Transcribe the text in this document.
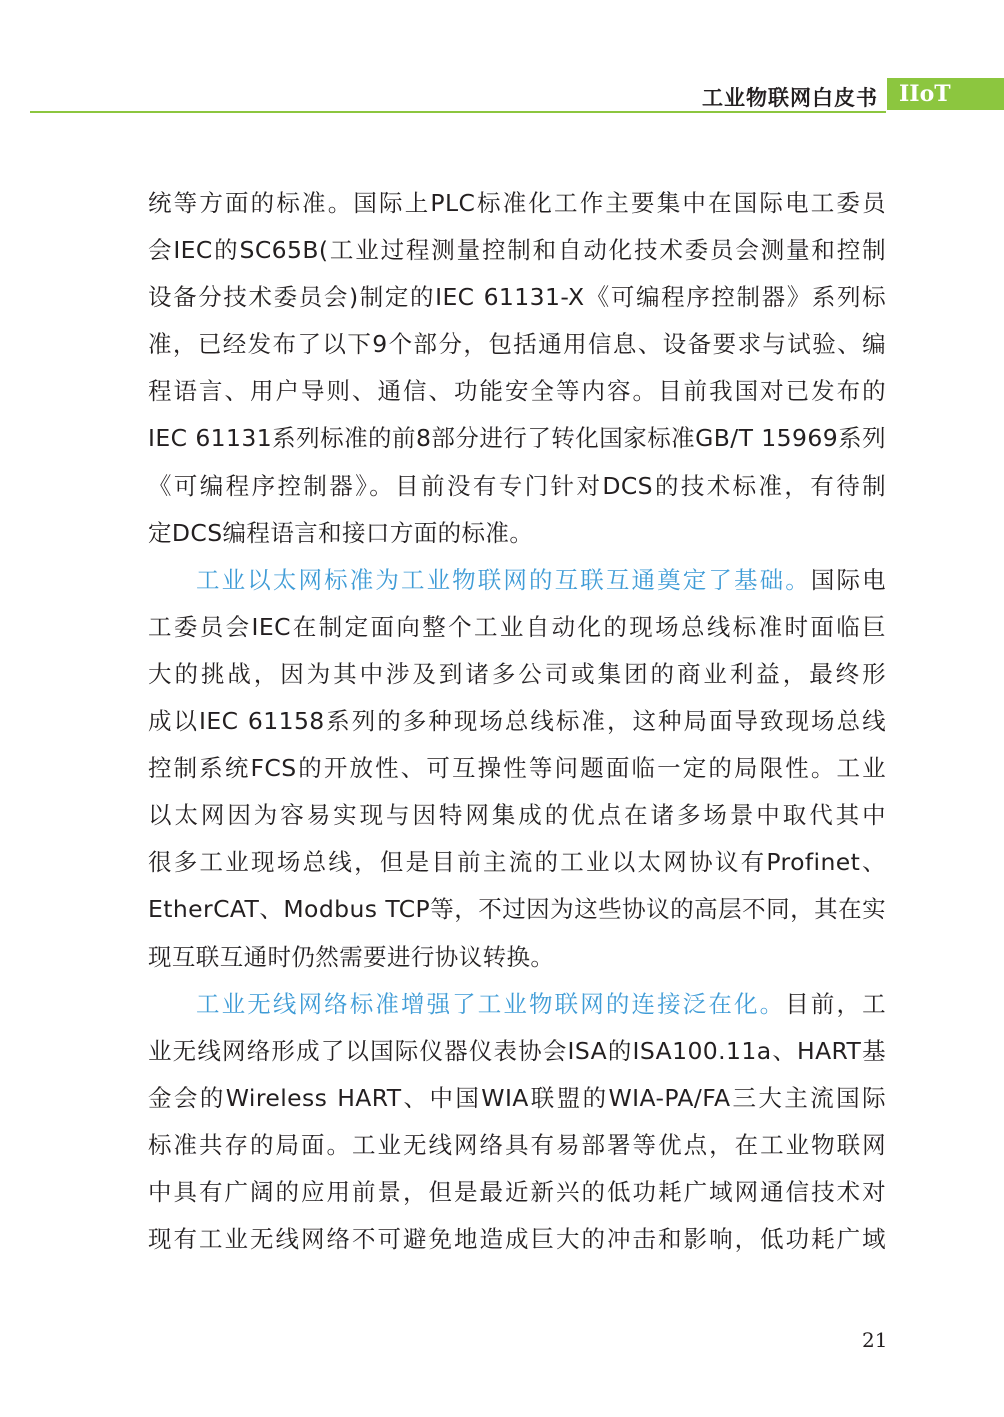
工业物联网白皮书 IIoT
统等方面的标准。国际上PLC标准化工作主要集中在国际电工委员
会IEC的SC65B(工业过程测量控制和自动化技术委员会测量和控制
设备分技术委员会)制定的IEC 61131-X《可编程序控制器》系列标
准，已经发布了以下9个部分，包括通用信息、设备要求与试验、编
程语言、用户导则、通信、功能安全等内容。目前我国对已发布的
IEC 61131系列标准的前8部分进行了转化国家标准GB/T 15969系列
《可编程序控制器》。目前没有专门针对DCS的技术标准，有待制
定DCS编程语言和接口方面的标准。
工业以太网标准为工业物联网的互联互通奠定了基础。国际电
工委员会IEC在制定面向整个工业自动化的现场总线标准时面临巨
大的挑战，因为其中涉及到诸多公司或集团的商业利益，最终形
成以IEC 61158系列的多种现场总线标准，这种局面导致现场总线
控制系统FCS的开放性、可互操性等问题面临一定的局限性。工业
以太网因为容易实现与因特网集成的优点在诸多场景中取代其中
很多工业现场总线，但是目前主流的工业以太网协议有Profinet、
EtherCAT、Modbus TCP等，不过因为这些协议的高层不同，其在实
现互联互通时仍然需要进行协议转换。
工业无线网络标准增强了工业物联网的连接泛在化。目前，工
业无线网络形成了以国际仪器仪表协会ISA的ISA100.11a、HART基
金会的Wireless HART、中国WIA联盟的WIA-PA/FA三大主流国际
标准共存的局面。工业无线网络具有易部署等优点，在工业物联网
中具有广阔的应用前景，但是最近新兴的低功耗广域网通信技术对
现有工业无线网络不可避免地造成巨大的冲击和影响，低功耗广域
21
